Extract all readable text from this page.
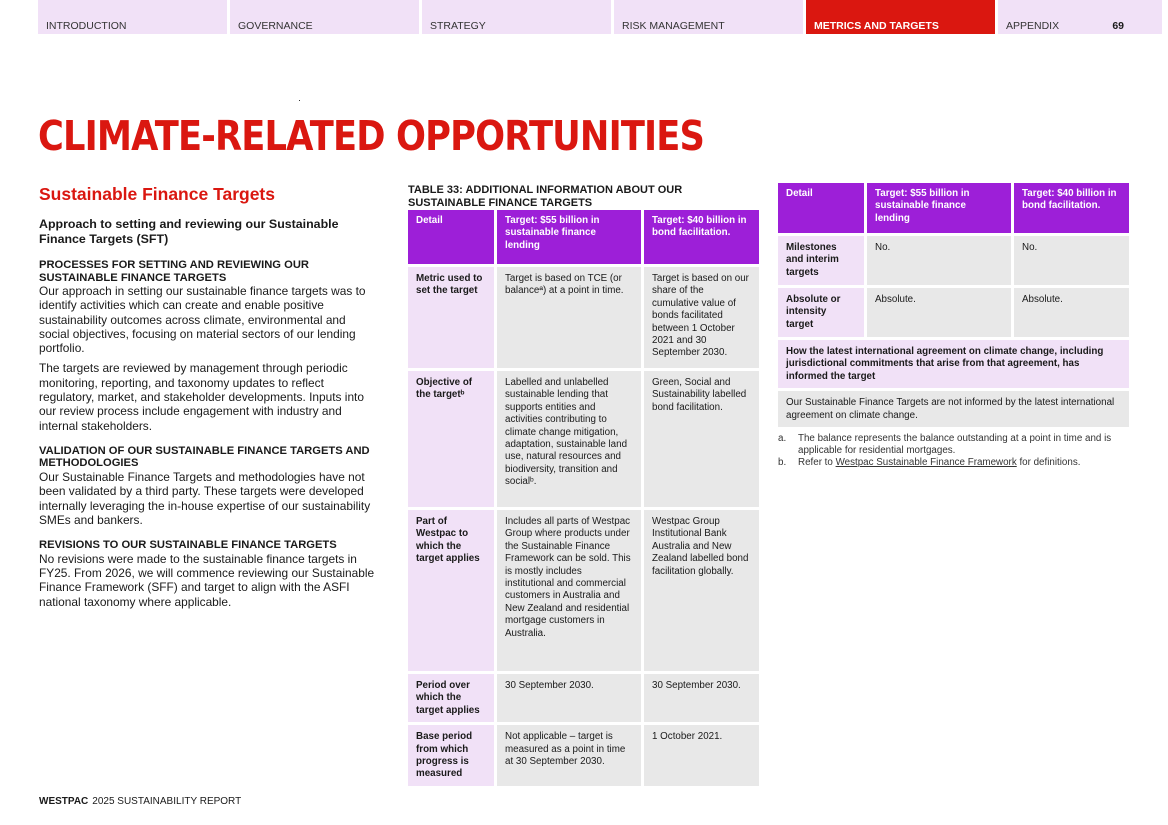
INTRODUCTION	GOVERNANCE	STRATEGY	RISK MANAGEMENT	METRICS AND TARGETS	APPENDIX	69
CLIMATE-RELATED OPPORTUNITIES
Sustainable Finance Targets
Approach to setting and reviewing our Sustainable Finance Targets (SFT)
PROCESSES FOR SETTING AND REVIEWING OUR SUSTAINABLE FINANCE TARGETS

Our approach in setting our sustainable finance targets was to identify activities which can create and enable positive sustainability outcomes across climate, environmental and social objectives, focusing on material sectors of our lending portfolio.

The targets are reviewed by management through periodic monitoring, reporting, and taxonomy updates to reflect regulatory, market, and stakeholder developments. Inputs into our review process include engagement with industry and internal stakeholders.

VALIDATION OF OUR SUSTAINABLE FINANCE TARGETS AND METHODOLOGIES

Our Sustainable Finance Targets and methodologies have not been validated by a third party. These targets were developed internally leveraging the in-house expertise of our sustainability SMEs and bankers.

REVISIONS TO OUR SUSTAINABLE FINANCE TARGETS

No revisions were made to the sustainable finance targets in FY25. From 2026, we will commence reviewing our Sustainable Finance Framework (SFF) and target to align with the ASFI national taxonomy where applicable.

TABLE 33: ADDITIONAL INFORMATION ABOUT OUR SUSTAINABLE FINANCE TARGETS
Detail	Target: $55 billion in sustainable finance lending	Target: $40 billion in bond facilitation.
Metric used to set the target	Target is based on TCE (or balanceª) at a point in time.	Target is based on our share of the cumulative value of bonds facilitated between 1 October 2021 and 30 September 2030.
Objective of the targetᵇ	Labelled and unlabelled sustainable lending that supports entities and activities contributing to climate change mitigation, adaptation, sustainable land use, natural resources and biodiversity, transition and socialᵇ.	Green, Social and Sustainability labelled bond facilitation.
Part of Westpac to which the target applies	Includes all parts of Westpac Group where products under the Sustainable Finance Framework can be sold. This is mostly includes institutional and commercial customers in Australia and New Zealand and residential mortgage customers in Australia.	Westpac Group Institutional Bank Australia and New Zealand labelled bond facilitation globally.
Period over which the target applies	30 September 2030.	30 September 2030.
Base period from which progress is measured	Not applicable – target is measured as a point in time at 30 September 2030.	1 October 2021.
Detail	Target: $55 billion in sustainable finance lending	Target: $40 billion in bond facilitation.
Milestones and interim targets	No.	No.
Absolute or intensity target	Absolute.	Absolute.
How the latest international agreement on climate change, including jurisdictional commitments that arise from that agreement, has informed the target		
Our Sustainable Finance Targets are not informed by the latest international agreement on climate change.		
a.	The balance represents the balance outstanding at a point in time and is applicable for residential mortgages.
b.	Refer to Westpac Sustainable Finance Framework for definitions.
WESTPAC 2025 SUSTAINABILITY REPORT
